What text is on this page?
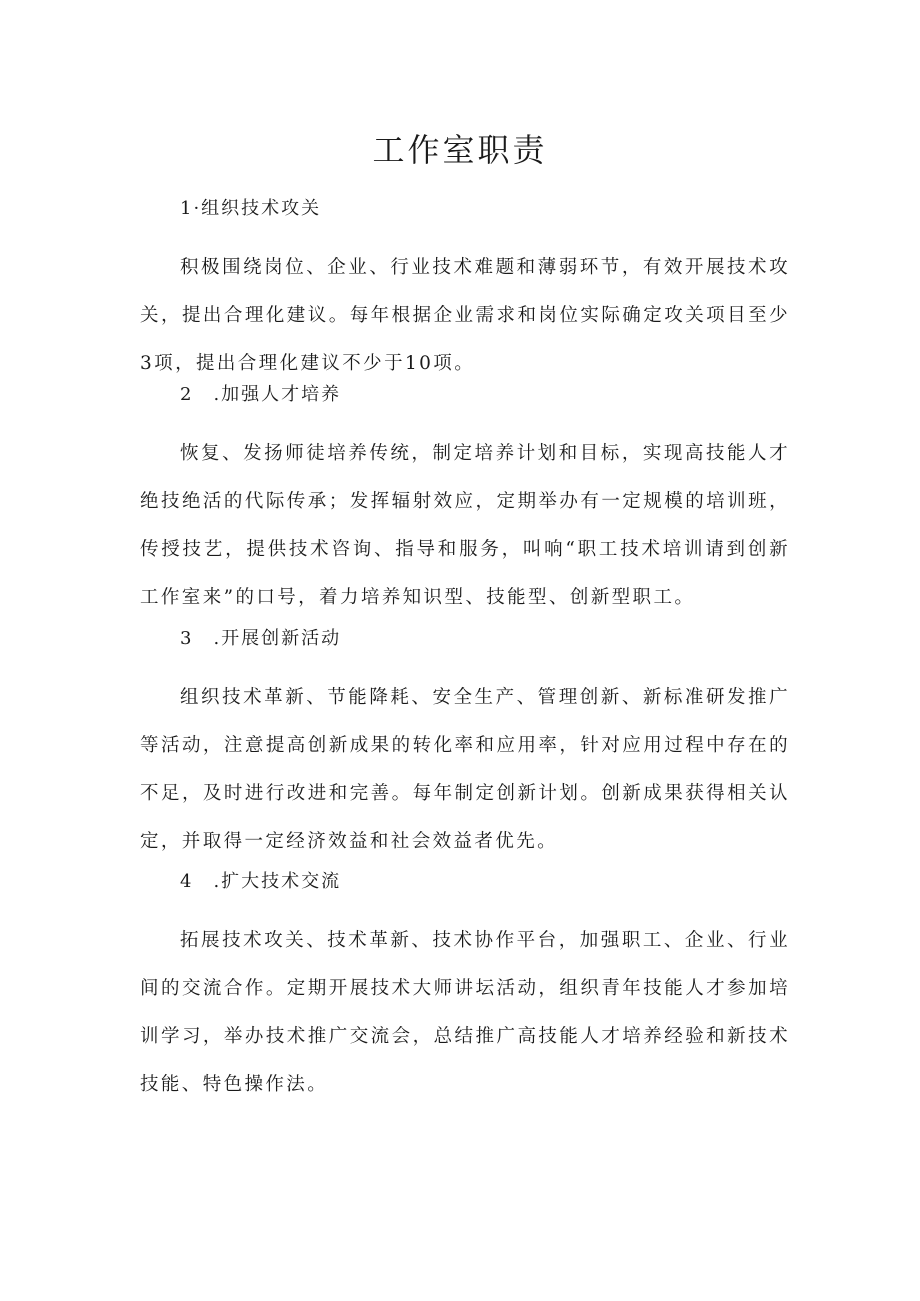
工作室职责
1·组织技术攻关

积极围绕岗位、企业、行业技术难题和薄弱环节，有效开展技术攻关，提出合理化建议。每年根据企业需求和岗位实际确定攻关项目至少3项，提出合理化建议不少于10项。

2　.加强人才培养

恢复、发扬师徒培养传统，制定培养计划和目标，实现高技能人才绝技绝活的代际传承；发挥辐射效应，定期举办有一定规模的培训班，传授技艺，提供技术咨询、指导和服务，叫响“职工技术培训请到创新工作室来”的口号，着力培养知识型、技能型、创新型职工。

3　.开展创新活动

组织技术革新、节能降耗、安全生产、管理创新、新标准研发推广等活动，注意提高创新成果的转化率和应用率，针对应用过程中存在的不足，及时进行改进和完善。每年制定创新计划。创新成果获得相关认定，并取得一定经济效益和社会效益者优先。

4　.扩大技术交流

拓展技术攻关、技术革新、技术协作平台，加强职工、企业、行业间的交流合作。定期开展技术大师讲坛活动，组织青年技能人才参加培训学习，举办技术推广交流会，总结推广高技能人才培养经验和新技术技能、特色操作法。
